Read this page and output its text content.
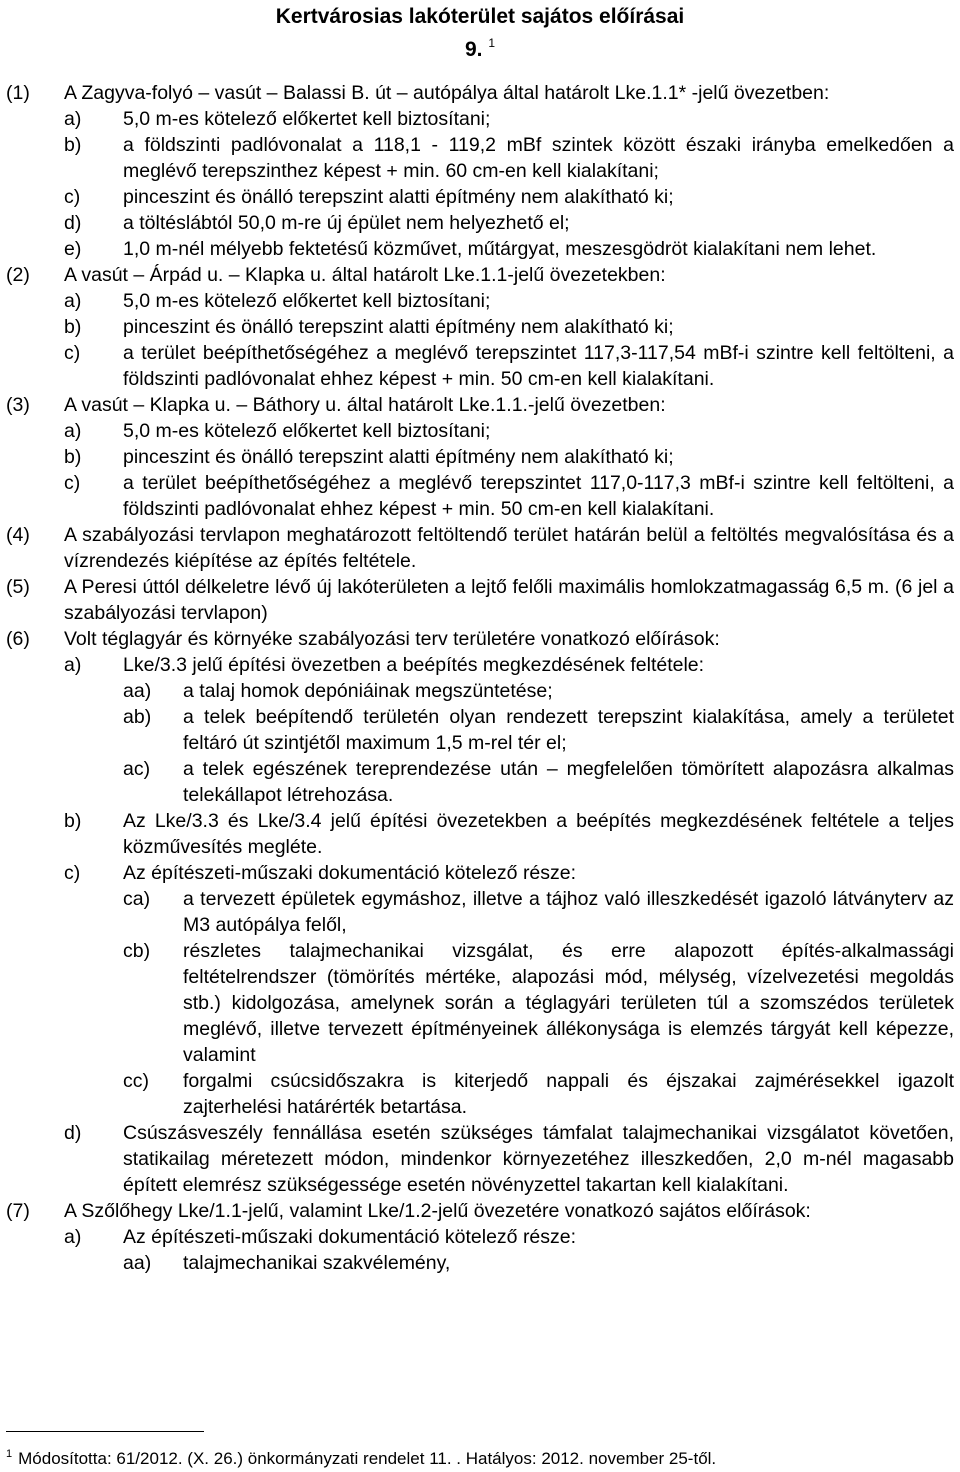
Kertvárosias lakóterület sajátos előírásai
9. $^1$
(1) A Zagyva-folyó – vasút – Balassi B. út – autópálya által határolt Lke.1.1* -jelű övezetben:
a) 5,0 m-es kötelező előkertet kell biztosítani;
b) a földszinti padlóvonalat a 118,1 - 119,2 mBf szintek között északi irányba emelkedően a meglévő terepszinthez képest + min. 60 cm-en kell kialakítani;
c) pinceszint és önálló terepszint alatti építmény nem alakítható ki;
d) a töltéslábtól 50,0 m-re új épület nem helyezhető el;
e) 1,0 m-nél mélyebb fektetésű közművet, műtárgyat, meszesgödröt kialakítani nem lehet.
(2) A vasút – Árpád u. – Klapka u. által határolt Lke.1.1-jelű övezetekben:
a) 5,0 m-es kötelező előkertet kell biztosítani;
b) pinceszint és önálló terepszint alatti építmény nem alakítható ki;
c) a terület beépíthetőségéhez a meglévő terepszintet 117,3-117,54 mBf-i szintre kell feltölteni, a földszinti padlóvonalat ehhez képest + min. 50 cm-en kell kialakítani.
(3) A vasút – Klapka u. – Báthory u. által határolt Lke.1.1.-jelű övezetben:
a) 5,0 m-es kötelező előkertet kell biztosítani;
b) pinceszint és önálló terepszint alatti építmény nem alakítható ki;
c) a terület beépíthetőségéhez a meglévő terepszintet 117,0-117,3 mBf-i szintre kell feltölteni, a földszinti padlóvonalat ehhez képest + min. 50 cm-en kell kialakítani.
(4) A szabályozási tervlapon meghatározott feltöltendő terület határán belül a feltöltés megvalósítása és a vízrendezés kiépítése az építés feltétele.
(5) A Peresi úttól délkeletre lévő új lakóterületen a lejtő felőli maximális homlokzatmagasság 6,5 m. (6 jel a szabályozási tervlapon)
(6) Volt téglagyár és környéke szabályozási terv területére vonatkozó előírások:
a) Lke/3.3 jelű építési övezetben a beépítés megkezdésének feltétele:
aa) a talaj homok depóniáinak megszüntetése;
ab) a telek beépítendő területén olyan rendezett terepszint kialakítása, amely a területet feltáró út szintjétől maximum 1,5 m-rel tér el;
ac) a telek egészének tereprendezése után – megfelelően tömörített alapozásra alkalmas telekállapot létrehozása.
b) Az Lke/3.3 és Lke/3.4 jelű építési övezetekben a beépítés megkezdésének feltétele a teljes közművesítés megléte.
c) Az építészeti-műszaki dokumentáció kötelező része:
ca) a tervezett épületek egymáshoz, illetve a tájhoz való illeszkedését igazoló látványterv az M3 autópálya felől,
cb) részletes talajmechanikai vizsgálat, és erre alapozott építés-alkalmassági feltételrendszer (tömörítés mértéke, alapozási mód, mélység, vízelvezetési megoldás stb.) kidolgozása, amelynek során a téglagyári területen túl a szomszédos területek meglévő, illetve tervezett építményeinek állékonysága is elemzés tárgyát kell képezze, valamint
cc) forgalmi csúcsidőszakra is kiterjedő nappali és éjszakai zajmérésekkel igazolt zajterhelési határérték betartása.
d) Csúszásveszély fennállása esetén szükséges támfalat talajmechanikai vizsgálatot követően, statikailag méretezett módon, mindenkor környezetéhez illeszkedően, 2,0 m-nél magasabb épített elemrész szükségessége esetén növényzettel takartan kell kialakítani.
(7) A Szőlőhegy Lke/1.1-jelű, valamint Lke/1.2-jelű övezetére vonatkozó sajátos előírások:
a) Az építészeti-műszaki dokumentáció kötelező része:
aa) talajmechanikai szakvélemény,
$^1$ Módosította: 61/2012. (X. 26.) önkormányzati rendelet 11. . Hatályos: 2012. november 25-től.
